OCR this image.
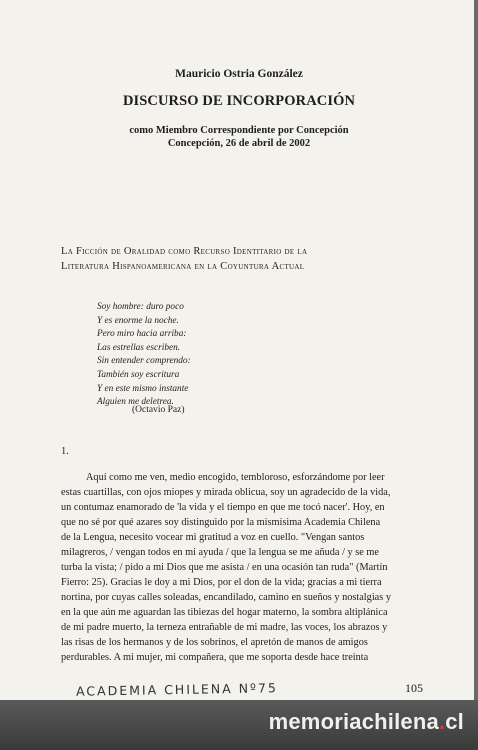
Mauricio Ostria González
DISCURSO DE INCORPORACIÓN
como Miembro Correspondiente por Concepción
Concepción, 26 de abril de 2002
La Ficción de Oralidad como Recurso Identitario de la
Literatura Hispanoamericana en la Coyuntura Actual
Soy hombre: duro poco
Y es enorme la noche.
Pero miro hacia arriba:
Las estrellas escriben.
Sin entender comprendo:
También soy escritura
Y en este mismo instante
Alguien me deletrea.
(Octavio Paz)
1.
Aquí como me ven, medio encogido, tembloroso, esforzándome por leer
estas cuartillas, con ojos miopes y mirada oblicua, soy un agradecido de la vida,
un contumaz enamorado de 'la vida y el tiempo en que me tocó nacer'. Hoy, en
que no sé por qué azares soy distinguido por la mismísima Academia Chilena
de la Lengua, necesito vocear mi gratitud a voz en cuello. "Vengan santos
milagreros, / vengan todos en mi ayuda / que la lengua se me añuda / y se me
turba la vista; / pido a mi Dios que me asista / en una ocasión tan ruda" (Martín
Fierro: 25). Gracias le doy a mi Dios, por el don de la vida; gracias a mi tierra
nortina, por cuyas calles soleadas, encandilado, camino en sueños y nostalgias y
en la que aún me aguardan las tibiezas del hogar materno, la sombra altiplánica
de mi padre muerto, la terneza entrañable de mi madre, las voces, los abrazos y
las risas de los hermanos y de los sobrinos, el apretón de manos de amigos
perdurables. A mi mujer, mi compañera, que me soporta desde hace treinta
ACADEMIA CHILENA Nº75	105
memoriachilena.cl
